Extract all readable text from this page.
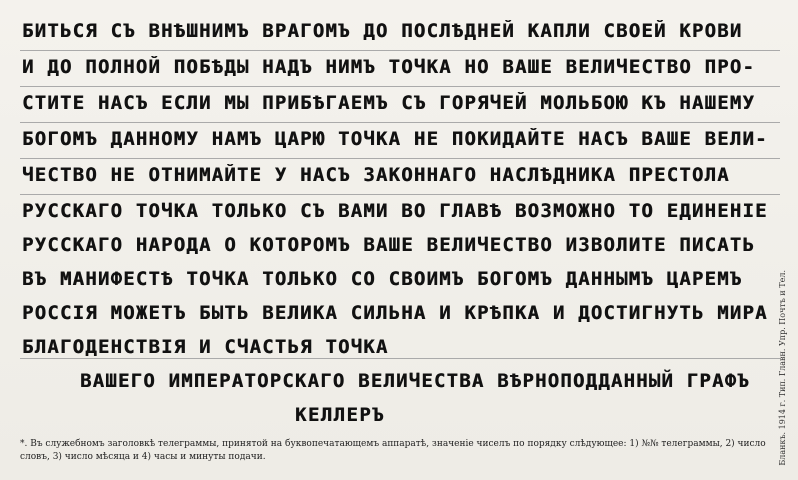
БИТЬСЯ СЪ ВНѢШНИМЪ ВРАГОМЪ ДО ПОСЛѢДНЕЙ КАПЛИ СВОЕЙ КРОВИ
И ДО ПОЛНОЙ ПОБѢДЫ НАДЪ НИМЪ ТОЧКА НО ВАШЕ ВЕЛИЧЕСТВО ПРО-
СТИТЕ НАСЪ ЕСЛИ МЫ ПРИБѢГАЕМЪ СЪ ГОРЯЧЕЙ МОЛЬБОЮ КЪ НАШЕМУ
БОГОМЪ ДАННОМУ НАМЪ ЦАРЮ ТОЧКА НЕ ПОКИДАЙТЕ НАСЪ ВАШЕ ВЕЛИ-
ЧЕСТВО НЕ ОТНИМАЙТЕ У НАСЪ ЗАКОННАГО НАСЛѢДНИКА ПРЕСТОЛА
РУССКАГО ТОЧКА ТОЛЬКО СЪ ВАМИ ВО ГЛАВѢ ВОЗМОЖНО ТО ЕДИНЕНІЕ
РУССКАГО НАРОДА О КОТОРОМЪ ВАШЕ ВЕЛИЧЕСТВО ИЗВОЛИТЕ ПИСАТЬ
ВЪ МАНИФЕСТѢ ТОЧКА ТОЛЬКО СО СВОИМЪ БОГОМЪ ДАННЫМЪ ЦАРЕМЪ
РОССІЯ МОЖЕТЪ БЫТЬ ВЕЛИКА СИЛЬНА И КРѢПКА И ДОСТИГНУТЬ МИРА
БЛАГОДЕНСТВІЯ И СЧАСТЬЯ ТОЧКА
ВАШЕГО ИМПЕРАТОРСКАГО ВЕЛИЧЕСТВА ВѢРНОПОДДАННЫЙ ГРАФЪ
КЕЛЛЕРЪ
*. Въ служебномъ заголовкѣ телеграммы, принятой на буквопечатающемъ аппаратѣ, значеніе чиселъ по порядку слѣдующее: 1) №№ телеграммы, 2) число словъ, 3) число мѣсяца и 4) часы и минуты подачи.	Бланкъ. 1914 г. Тип. Главн. Упр. Почтъ и Тел.
